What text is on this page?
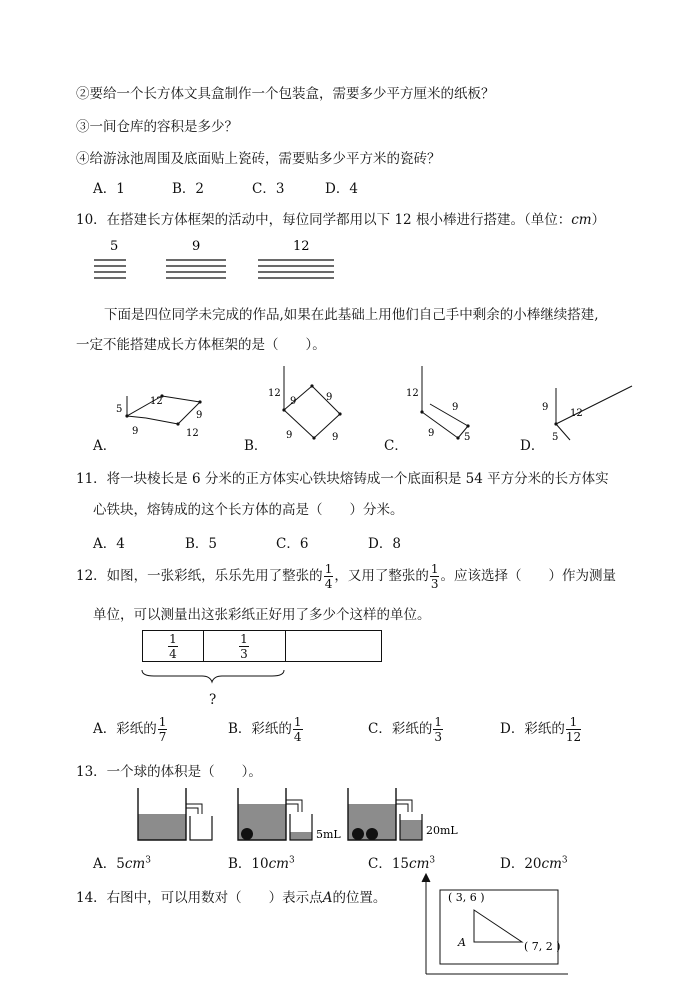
②要给一个长方体文具盒制作一个包装盒，需要多少平方厘米的纸板？
③一间仓库的容积是多少？
④给游泳池周围及底面贴上瓷砖，需要贴多少平方米的瓷砖？
A．1	B．2	C．3	D．4
10．在搭建长方体框架的活动中，每位同学都用以下 12 根小棒进行搭建。（单位：cm）
5	9	12
下面是四位同学未完成的作品,如果在此基础上用他们自己手中剩余的小棒继续搭建,
一定不能搭建成长方体框架的是（　　）。
A．
5
12
9
9	12
B．
12
9	9
9	9
C．
12
9
9	5
D．
9
12
5
11．将一块棱长是 6 分米的正方体实心铁块熔铸成一个底面积是 54 平方分米的长方体实
心铁块，熔铸成的这个长方体的高是（　　）分米。
A．4	B．5	C．6	D．8
12．如图，一张彩纸，乐乐先用了整张的 $\frac{1}{4}$ ，又用了整张的 $\frac{1}{3}$ 。应该选择（　　）作为测量
单位，可以测量出这张彩纸正好用了多少个这样的单位。
$\frac{1}{4}$	$\frac{1}{3}$
?
A．彩纸的 $\frac{1}{7}$	B．彩纸的 $\frac{1}{4}$	C．彩纸的 $\frac{1}{3}$	D．彩纸的 $\frac{1}{12}$
13．一个球的体积是（　　）。
5mL	20mL
A．$5cm^3$	B．$10cm^3$	C．$15cm^3$	D．$20cm^3$
14．右图中，可以用数对（　　）表示点A的位置。	( 3, 6 )
A	( 7, 2 )
